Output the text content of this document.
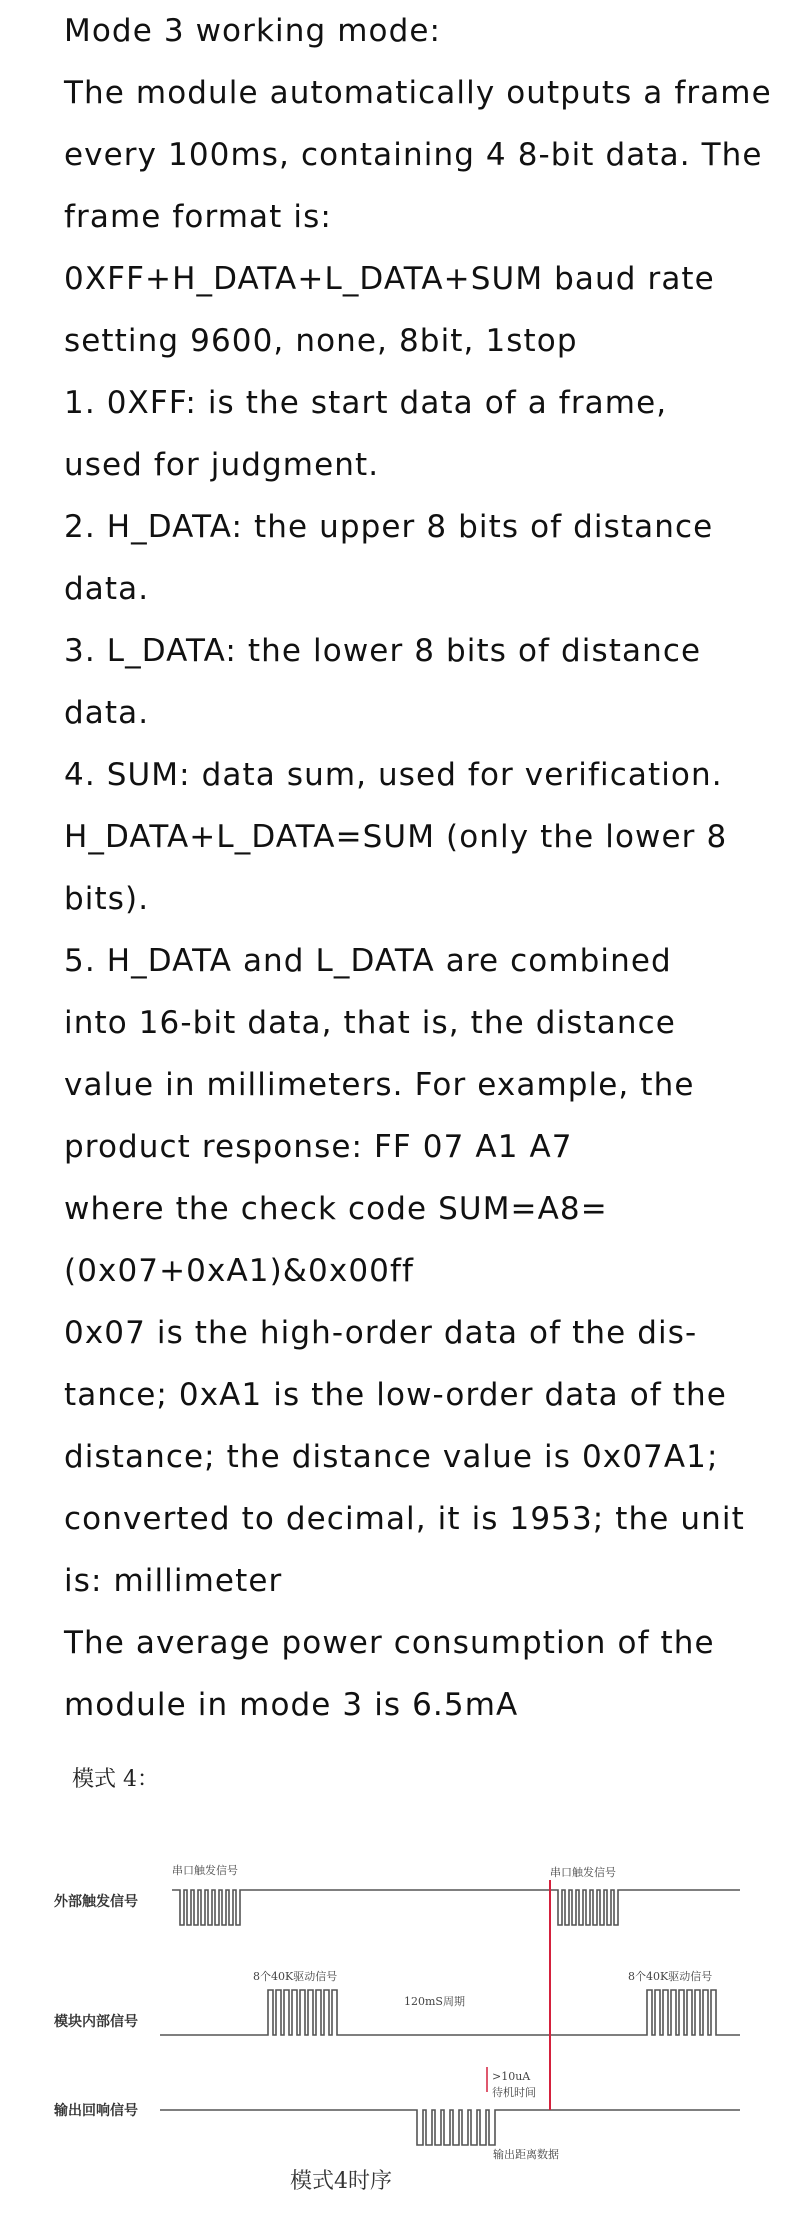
Mode 3 working mode:
The module automatically outputs a frame
every 100ms, containing 4 8-bit data. The
frame format is:
0XFF+H_DATA+L_DATA+SUM baud rate
setting 9600, none, 8bit, 1stop
1. 0XFF: is the start data of a frame,
used for judgment.
2. H_DATA: the upper 8 bits of distance
data.
3. L_DATA: the lower 8 bits of distance
data.
4. SUM: data sum, used for verification.
H_DATA+L_DATA=SUM (only the lower 8
bits).
5. H_DATA and L_DATA are combined
into 16-bit data, that is, the distance
value in millimeters. For example, the
product response: FF 07 A1 A7
where the check code SUM=A8=
(0x07+0xA1)&0x00ff
0x07 is the high-order data of the dis-
tance; 0xA1 is the low-order data of the
distance; the distance value is 0x07A1;
converted to decimal, it is 1953; the unit
is: millimeter
The average power consumption of the
module in mode 3 is 6.5mA
模式 4：
外部触发信号
模块内部信号
输出回响信号
串口触发信号	串口触发信号
8个40K驱动信号	8个40K驱动信号
120mS周期
>10uA
待机时间
输出距离数据
模式4时序
